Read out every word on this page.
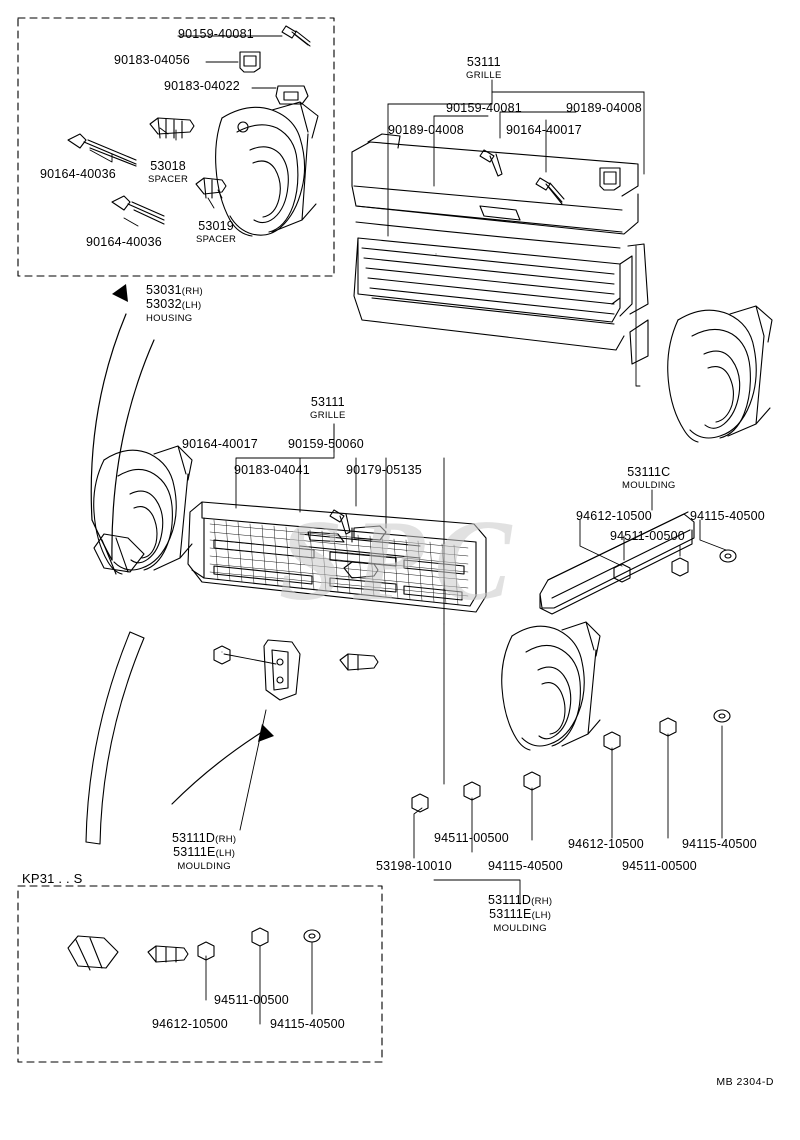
SPC
90159-40081
90183-04056
90183-04022
90164-40036
53018
SPACER
90164-40036
53019
SPACER
53031(RH)
53032(LH)
HOUSING
53111
GRILLE
90159-40081	90189-04008
90189-04008	90164-40017
53111
GRILLE
90164-40017 90159-50060
90183-04041	90179-05135	53111C
MOULDING
94612-10500	94115-40500
94511-00500
53111D(RH)
53111E(LH)
MOULDING	53198-10010
94511-00500
94115-40500
94612-10500
94511-00500
94115-40500
53111D(RH)
53111E(LH)
MOULDING
KP31 . . S
94511-00500
94612-10500	94115-40500
MB 2304-D
